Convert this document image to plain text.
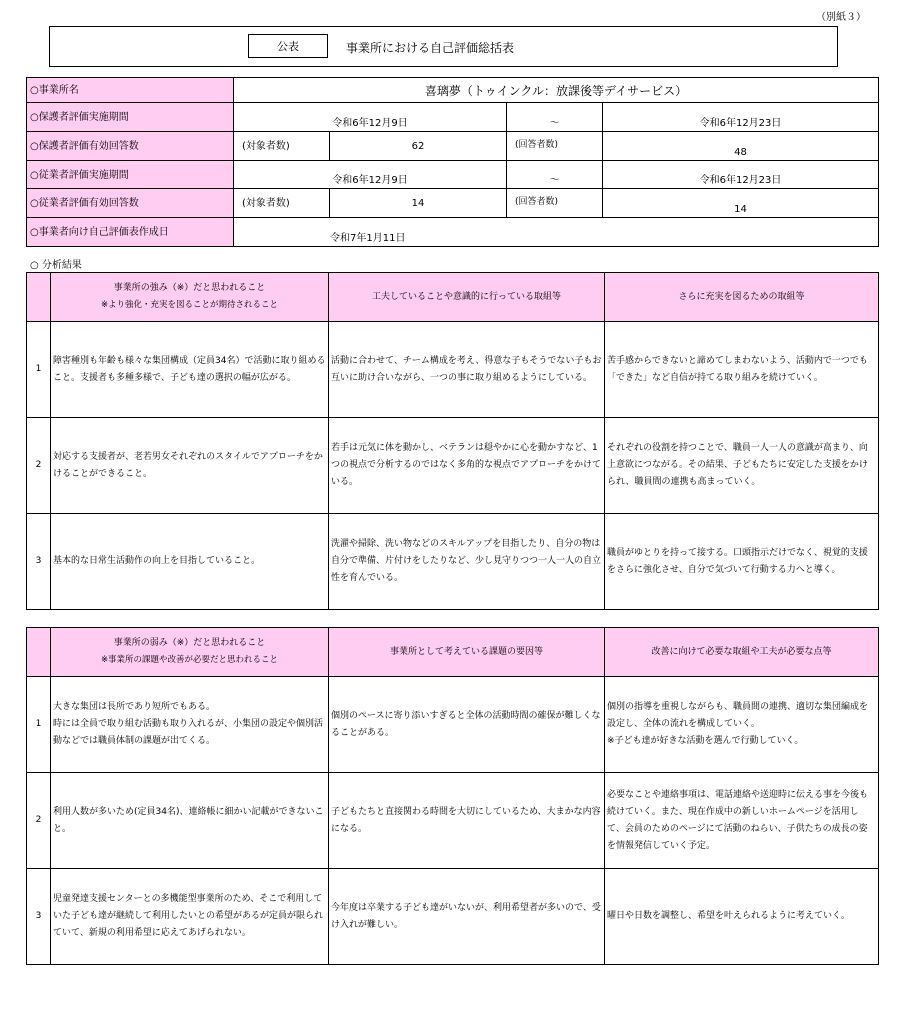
（別紙３）
公表	事業所における自己評価総括表
○事業所名	喜璃夢（トゥインクル：放課後等デイサービス）			
○保護者評価実施期間	令和6年12月9日		～	令和6年12月23日
○保護者評価有効回答数	(対象者数)	62	(回答者数)	48
○従業者評価実施期間	令和6年12月9日		～	令和6年12月23日
○従業者評価有効回答数	(対象者数)	14	(回答者数)	14
○事業者向け自己評価表作成日	令和7年1月11日			
○ 分析結果

	事業所の強み（※）だと思われること
※より強化・充実を図ることが期待されること	工夫していることや意識的に行っている取組等	さらに充実を図るための取組等
1	障害種別も年齢も様々な集団構成（定員34名）で活動に取り組めること。支援者も多種多様で、子ども達の選択の幅が広がる。	活動に合わせて、チーム構成を考え、得意な子もそうでない子もお互いに助け合いながら、一つの事に取り組めるようにしている。	苦手感からできないと諦めてしまわないよう、活動内で一つでも「できた」など自信が持てる取り組みを続けていく。
2	対応する支援者が、老若男女それぞれのスタイルでアプローチをかけることができること。	若手は元気に体を動かし、ベテランは穏やかに心を動かすなど、1つの視点で分析するのではなく多角的な視点でアプローチをかけている。	それぞれの役割を持つことで、職員一人一人の意識が高まり、向上意欲につながる。その結果、子どもたちに安定した支援をかけられ、職員間の連携も高まっていく。
3	基本的な日常生活動作の向上を目指していること。	洗濯や掃除、洗い物などのスキルアップを目指したり、自分の物は自分で準備、片付けをしたりなど、少し見守りつつ一人一人の自立性を育んでいる。	職員がゆとりを持って接する。口頭指示だけでなく、視覚的支援をさらに強化させ、自分で気づいて行動する力へと導く。

	事業所の弱み（※）だと思われること
※事業所の課題や改善が必要だと思われること	事業所として考えている課題の要因等	改善に向けて必要な取組や工夫が必要な点等
1	大きな集団は長所であり短所でもある。
時には全員で取り組む活動も取り入れるが、小集団の設定や個別活動などでは職員体制の課題が出てくる。	個別のペースに寄り添いすぎると全体の活動時間の確保が難しくなることがある。	個別の指導を重視しながらも、職員間の連携、適切な集団編成を設定し、全体の流れを構成していく。
※子ども達が好きな活動を選んで行動していく。
2	利用人数が多いため(定員34名)、連絡帳に細かい記載ができないこと。	子どもたちと直接関わる時間を大切にしているため、大まかな内容になる。	必要なことや連絡事項は、電話連絡や送迎時に伝える事を今後も続けていく。また、現在作成中の新しいホームページを活用して、会員のためのページにて活動のねらい、子供たちの成長の姿を情報発信していく予定。
3	児童発達支援センターとの多機能型事業所のため、そこで利用していた子ども達が継続して利用したいとの希望があるが定員が限られていて、新規の利用希望に応えてあげられない。	今年度は卒業する子ども達がいないが、利用希望者が多いので、受け入れが難しい。	曜日や日数を調整し、希望を叶えられるように考えていく。
